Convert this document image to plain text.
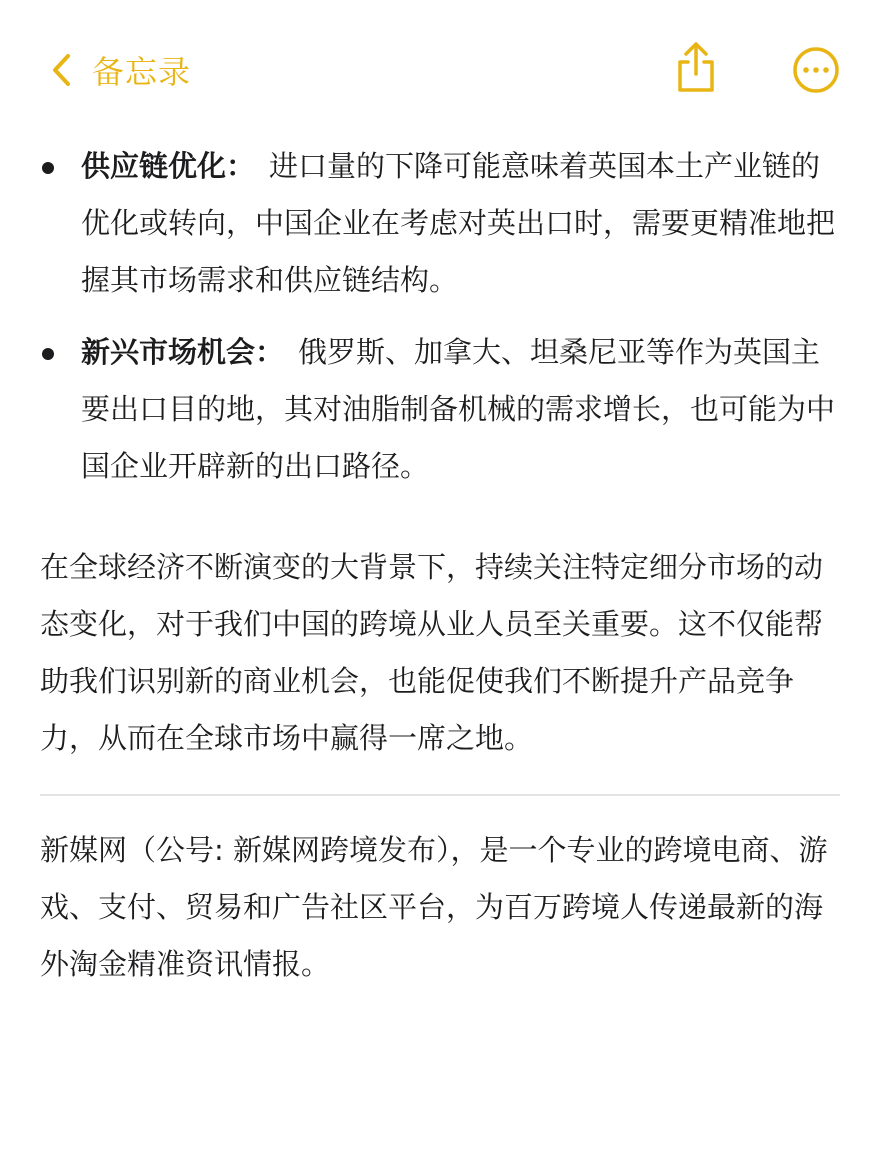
备忘录
供应链优化： 进口量的下降可能意味着英国本土产业链的优化或转向，中国企业在考虑对英出口时，需要更精准地把握其市场需求和供应链结构。
新兴市场机会： 俄罗斯、加拿大、坦桑尼亚等作为英国主要出口目的地，其对油脂制备机械的需求增长，也可能为中国企业开辟新的出口路径。

在全球经济不断演变的大背景下，持续关注特定细分市场的动态变化，对于我们中国的跨境从业人员至关重要。这不仅能帮助我们识别新的商业机会，也能促使我们不断提升产品竞争力，从而在全球市场中赢得一席之地。

新媒网（公号: 新媒网跨境发布），是一个专业的跨境电商、游戏、支付、贸易和广告社区平台，为百万跨境人传递最新的海外淘金精准资讯情报。
